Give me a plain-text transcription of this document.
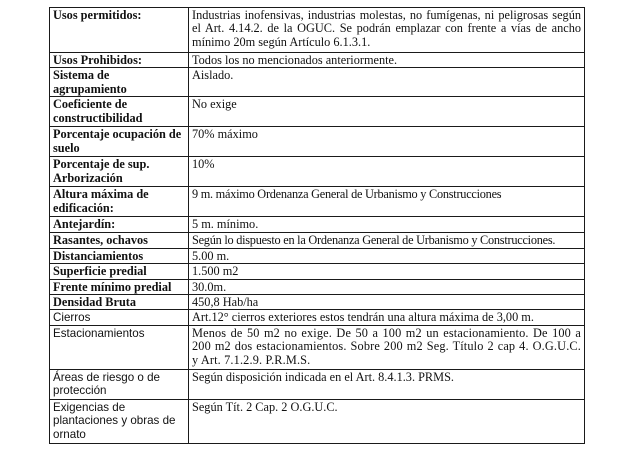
Usos permitidos:	Industrias inofensivas, industrias molestas, no fumígenas, ni peligrosas según el Art. 4.14.2. de la OGUC. Se podrán emplazar con frente a vías de ancho mínimo 20m según Artículo 6.1.3.1.
Usos Prohibidos:	Todos los no mencionados anteriormente.
Sistema de agrupamiento	Aislado.
Coeficiente de constructibilidad	No exige
Porcentaje ocupación de suelo	70% máximo
Porcentaje de sup. Arborización	10%
Altura máxima de edificación:	9 m. máximo Ordenanza General de Urbanismo y Construcciones
Antejardín:	5 m. mínimo.
Rasantes, ochavos	Según lo dispuesto en la Ordenanza General de Urbanismo y Construcciones.
Distanciamientos	5.00 m.
Superficie predial	1.500 m2
Frente mínimo predial	30.0m.
Densidad Bruta	450,8 Hab/ha
Cierros	Art.12° cierros exteriores estos tendrán una altura máxima de 3,00 m.
Estacionamientos	Menos de 50 m2 no exige. De 50 a 100 m2 un estacionamiento. De 100 a 200 m2 dos estacionamientos. Sobre 200 m2 Seg. Título 2 cap 4. O.G.U.C. y Art. 7.1.2.9. P.R.M.S.
Áreas de riesgo o de protección	Según disposición indicada en el Art. 8.4.1.3. PRMS.
Exigencias de plantaciones y obras de ornato	Según Tít. 2 Cap. 2 O.G.U.C.
